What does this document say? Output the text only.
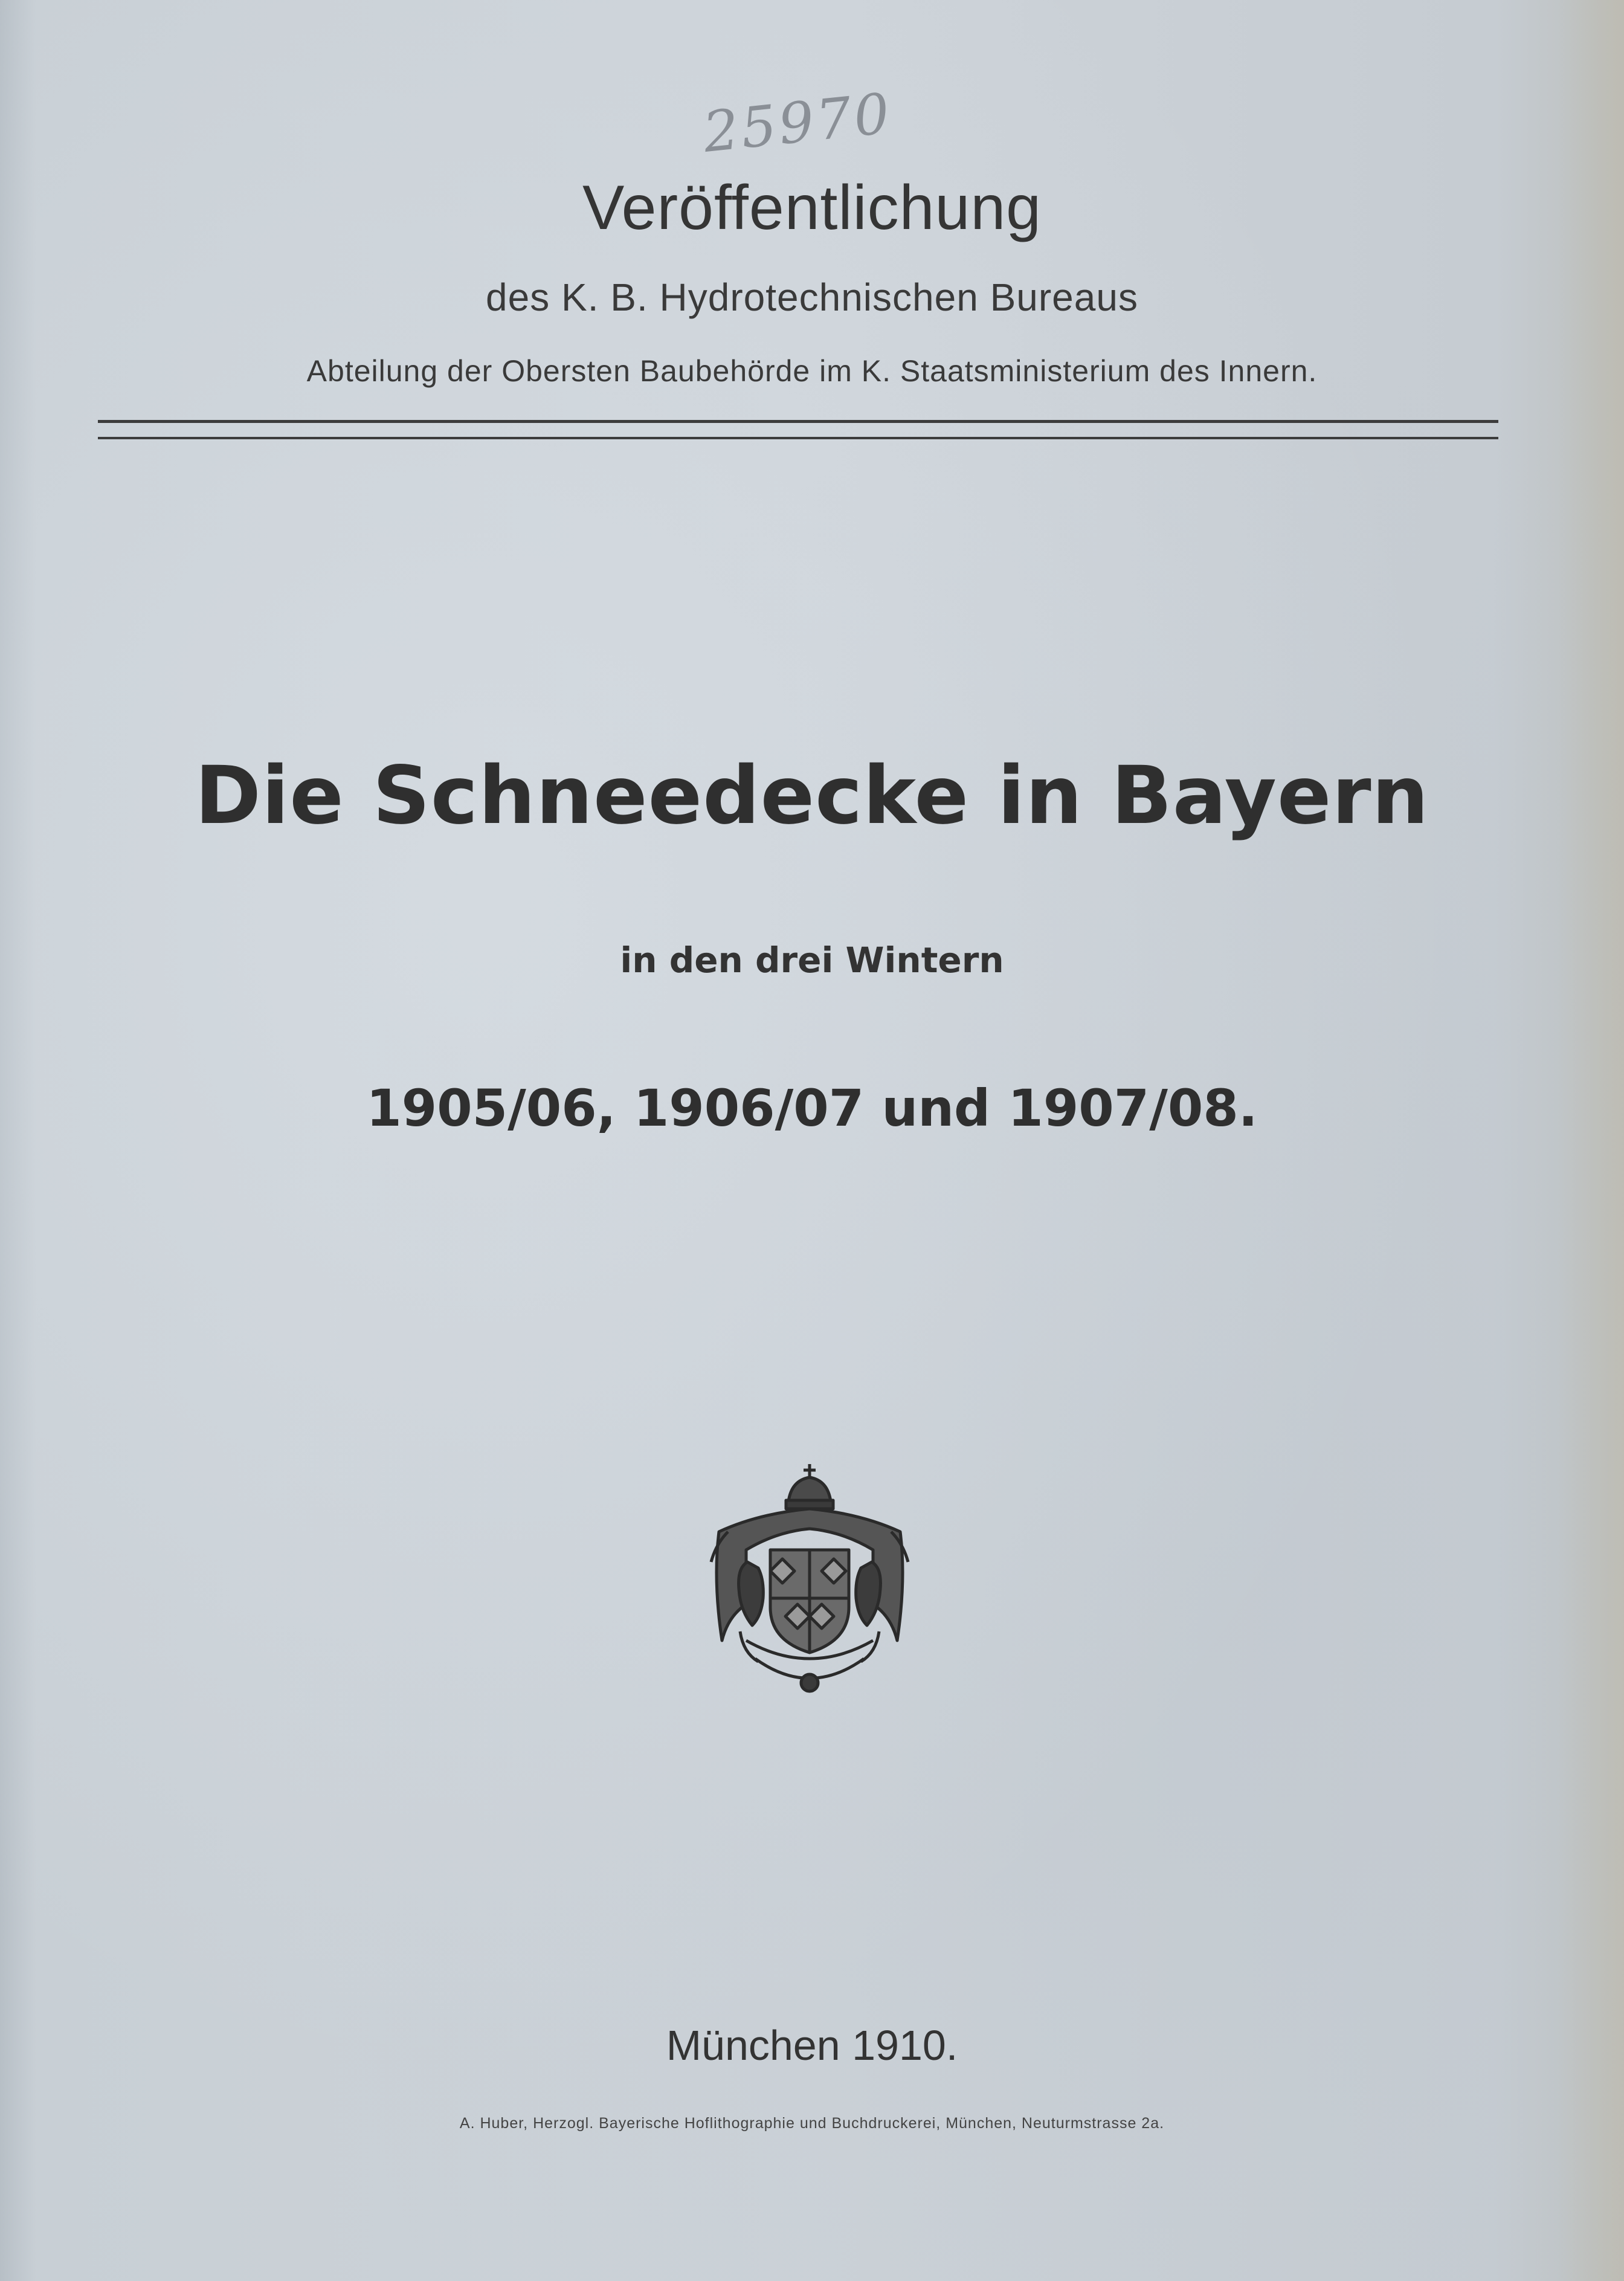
25970
Veröffentlichung
des K. B. Hydrotechnischen Bureaus
Abteilung der Obersten Baubehörde im K. Staatsministerium des Innern.
Die Schneedecke in Bayern
in den drei Wintern
1905/06, 1906/07 und 1907/08.
München 1910.
A. Huber, Herzogl. Bayerische Hoflithographie und Buchdruckerei, München, Neuturmstrasse 2a.
